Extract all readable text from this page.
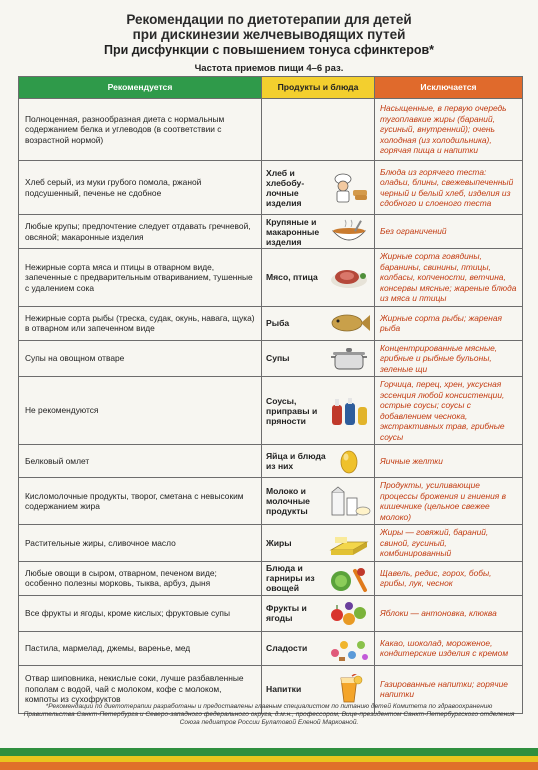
Рекомендации по диетотерапии для детей
при дискинезии желчевыводящих путей
При дисфункции с повышением тонуса сфинктеров*
Частота приемов пищи 4–6 раз.
Рекомендуется	Продукты и блюда	Исключается
Полноценная, разнообразная диета с нормальным содержанием белка и углеводов (в соответствии с возрастной нормой)		Насыщенные, в первую очередь тугоплавкие жиры (бараний, гусиный, внутренний); очень холодная (из холодильника), горячая пища и напитки
Хлеб серый, из муки грубого помола, ржаной подсушенный, печенье не сдобное	Хлеб и хлебобу-лочные изделия	Блюда из горячего теста: оладьи, блины, свежевыпеченный черный и белый хлеб, изделия из сдобного и слоеного теста
Любые крупы; предпочтение следует отдавать гречневой, овсяной; макаронные изделия	Крупяные и макаронные изделия	Без ограничений
Нежирные сорта мяса и птицы в отварном виде, запеченные с предварительным отвариванием, тушенные с удалением сока	Мясо, птица	Жирные сорта говядины, баранины, свинины, птицы, колбасы, копчености, ветчина, консервы мясные; жареные блюда из мяса и птицы
Нежирные сорта рыбы (треска, судак, окунь, навага, щука) в отварном или запеченном виде	Рыба	Жирные сорта рыбы; жареная рыба
Супы на овощном отваре	Супы	Концентрированные мясные, грибные и рыбные бульоны, зеленые щи
Не рекомендуются	Соусы, приправы и пряности	Горчица, перец, хрен, уксусная эссенция любой консистенции, острые соусы; соусы с добавлением чеснока, экстрактивных трав, грибные соусы
Белковый омлет	Яйца и блюда из них	Яичные желтки
Кисломолочные продукты, творог, сметана с невысоким содержанием жира	Молоко и молочные продукты	Продукты, усиливающие процессы брожения и гниения в кишечнике (цельное свежее молоко)
Растительные жиры, сливочное масло	Жиры	Жиры — говяжий, бараний, свиной, гусиный, комбинированный
Любые овощи в сыром, отварном, печеном виде; особенно полезны морковь, тыква, арбуз, дыня	Блюда и гарниры из овощей	Щавель, редис, горох, бобы, грибы, лук, чеснок
Все фрукты и ягоды, кроме кислых; фруктовые супы	Фрукты и ягоды	Яблоки — антоновка, клюква
Пастила, мармелад, джемы, варенье, мед	Сладости	Какао, шоколад, мороженое, кондитерские изделия с кремом
Отвар шиповника, некислые соки, лучше разбавленные пополам с водой, чай с молоком, кофе с молоком, компоты из сухофруктов	Напитки	Газированные напитки; горячие напитки
*Рекомендации по диетотерапии разработаны и предоставлены главным специалистом по питанию детей Комитета по здравоохранению Правительства Санкт-Петербурга и Северо-западного федерального округа, д.м.н., профессором, Вице-президентом Санкт-Петербургского отделения Союза педиатров России Булатовой Еленой Марковной.
